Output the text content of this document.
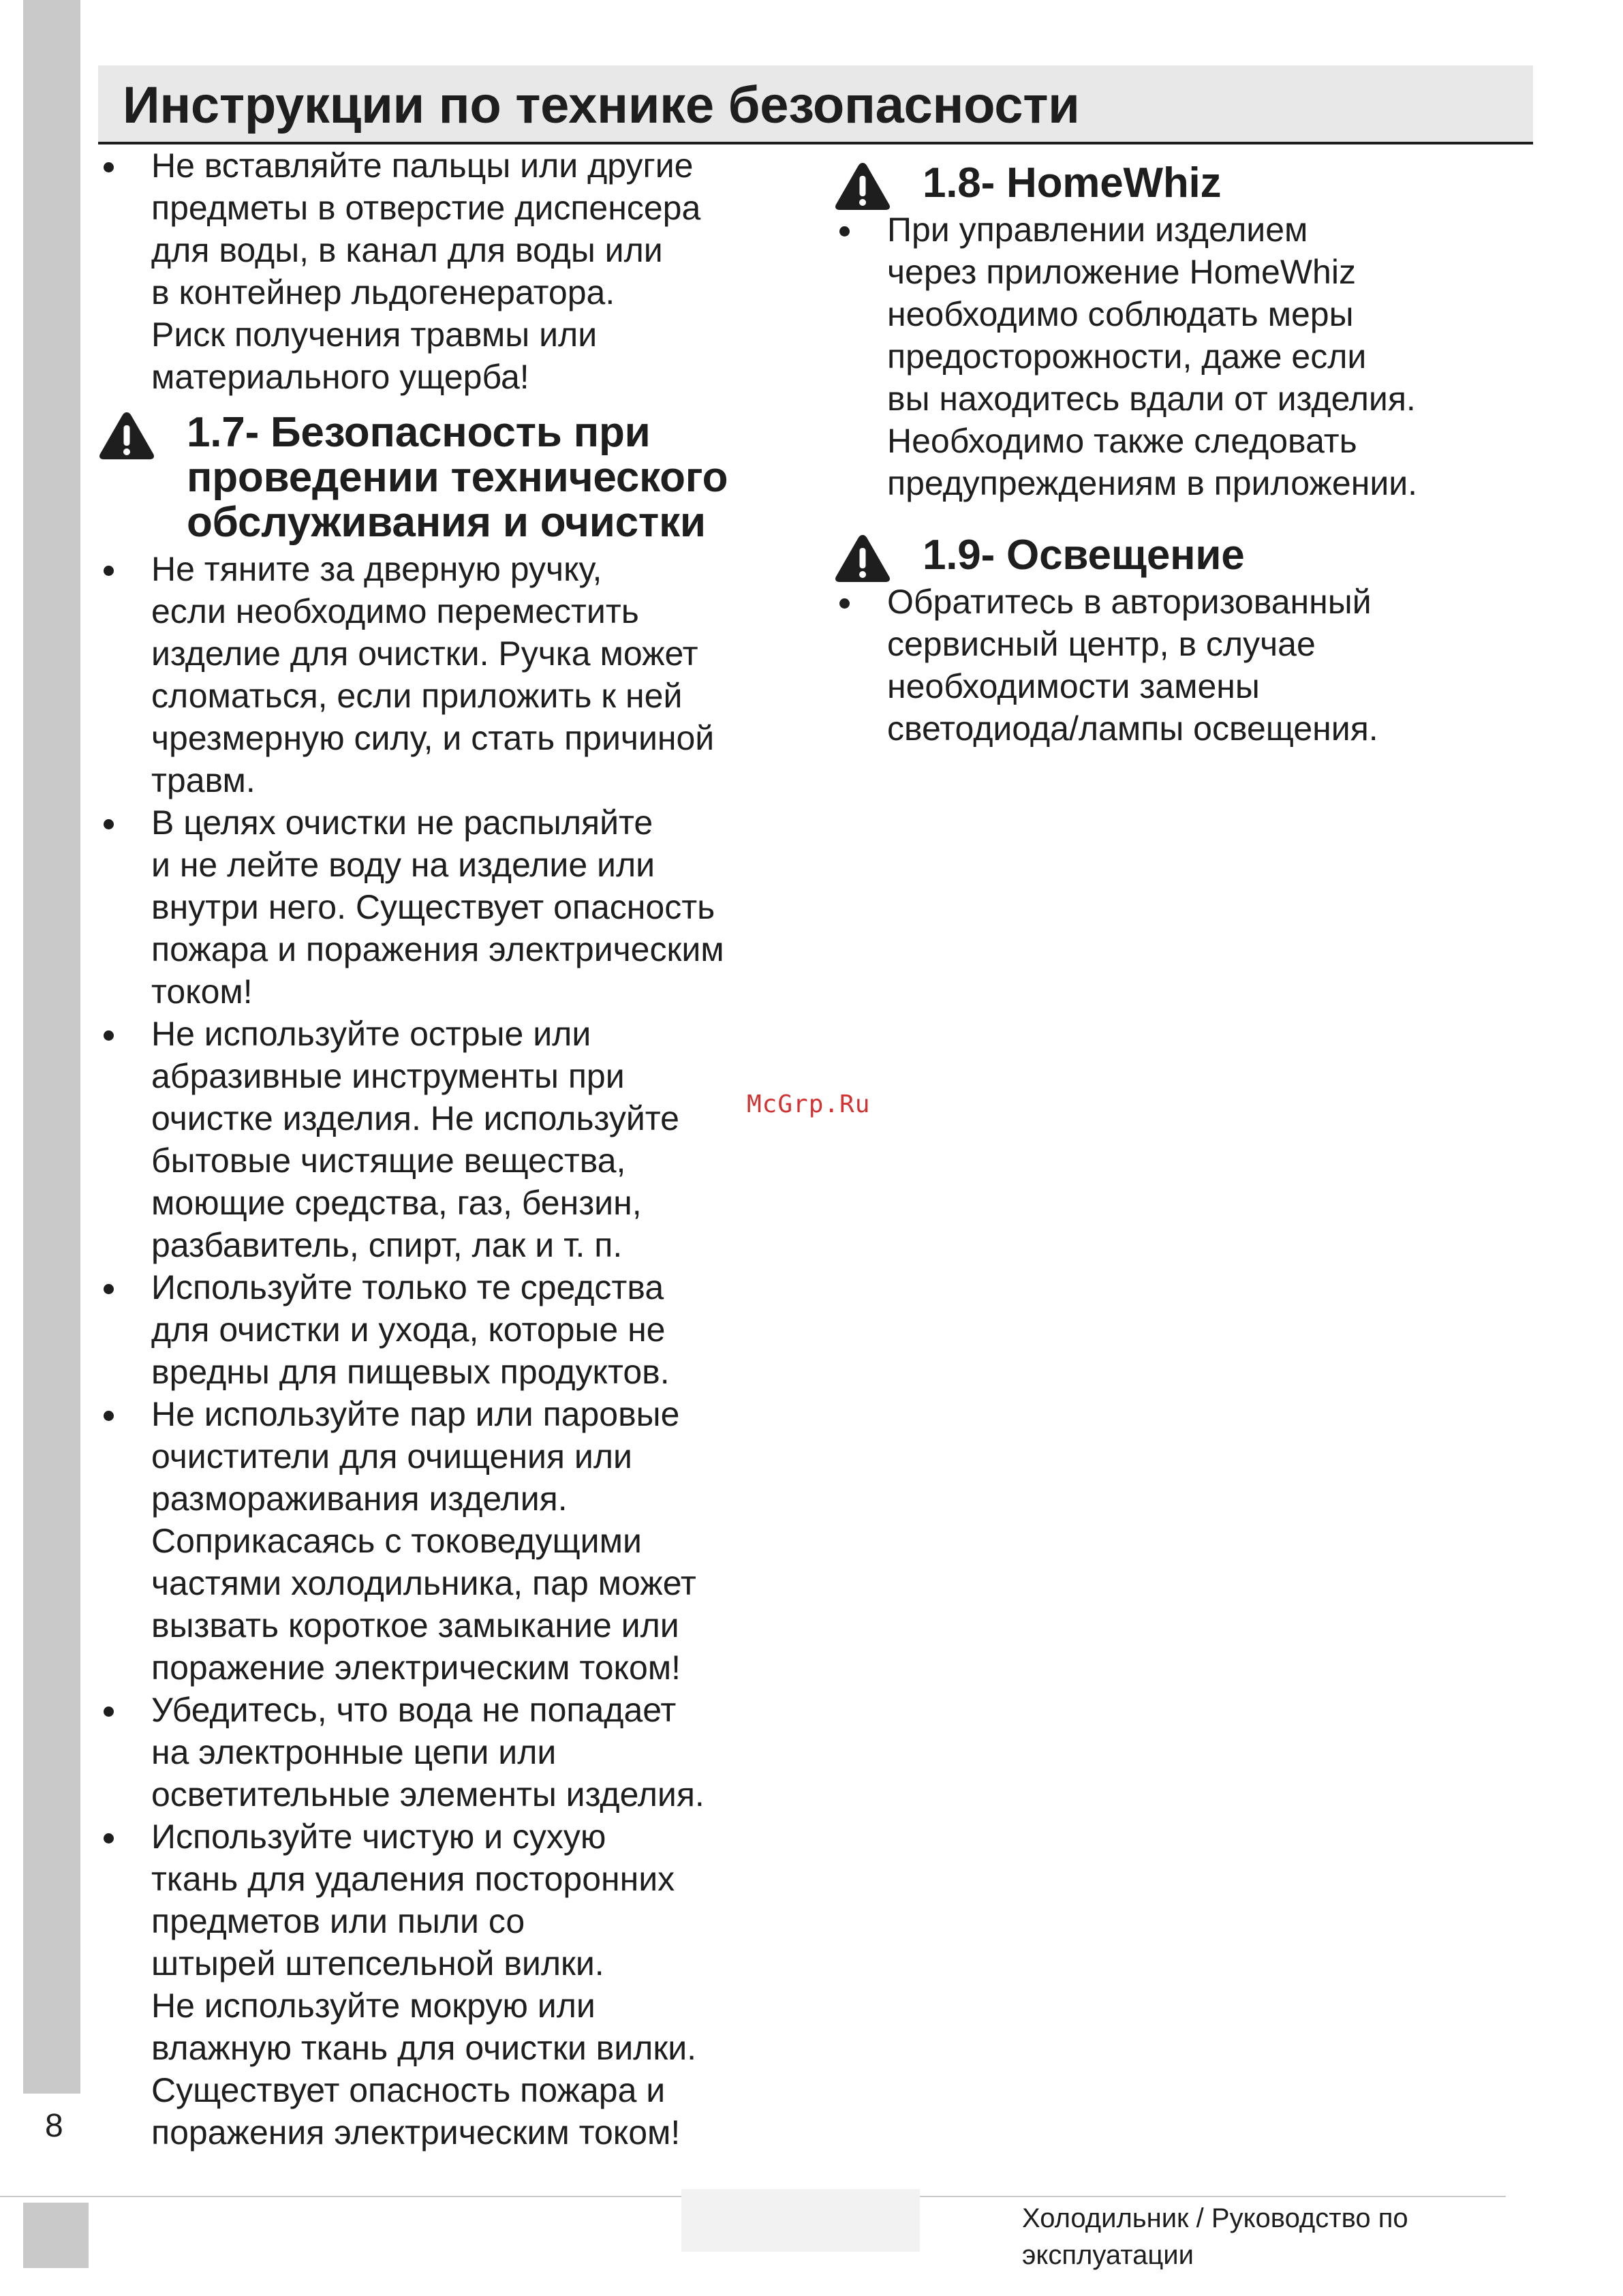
Инструкции по технике безопасности
Не вставляйте пальцы или другие
предметы в отверстие диспенсера
для воды, в канал для воды или
в контейнер льдогенератора.
Риск получения травмы или
материального ущерба!
1.7- Безопасность при
проведении технического
обслуживания и очистки
Не тяните за дверную ручку,
если необходимо переместить
изделие для очистки. Ручка может
сломаться, если приложить к ней
чрезмерную силу, и стать причиной
травм.
В целях очистки не распыляйте
и не лейте воду на изделие или
внутри него. Существует опасность
пожара и поражения электрическим
током!
Не используйте острые или
абразивные инструменты при
очистке изделия. Не используйте
бытовые чистящие вещества,
моющие средства, газ, бензин,
разбавитель, спирт, лак и т. п.
Используйте только те средства
для очистки и ухода, которые не
вредны для пищевых продуктов.
Не используйте пар или паровые
очистители для очищения или
размораживания изделия.
Соприкасаясь с токоведущими
частями холодильника, пар может
вызвать короткое замыкание или
поражение электрическим током!
Убедитесь, что вода не попадает
на электронные цепи или
осветительные элементы изделия.
Используйте чистую и сухую
ткань для удаления посторонних
предметов или пыли со
штырей штепсельной вилки.
Не используйте мокрую или
влажную ткань для очистки вилки.
Существует опасность пожара и
поражения электрическим током!
1.8- HomeWhiz
При управлении изделием
через приложение HomeWhiz
необходимо соблюдать меры
предосторожности, даже если
вы находитесь вдали от изделия.
Необходимо также следовать
предупреждениям в приложении.
1.9- Освещение
Обратитесь в авторизованный
сервисный центр, в случае
необходимости замены
светодиода/лампы освещения.
McGrp.Ru
8
Холодильник / Руководство по
эксплуатации
